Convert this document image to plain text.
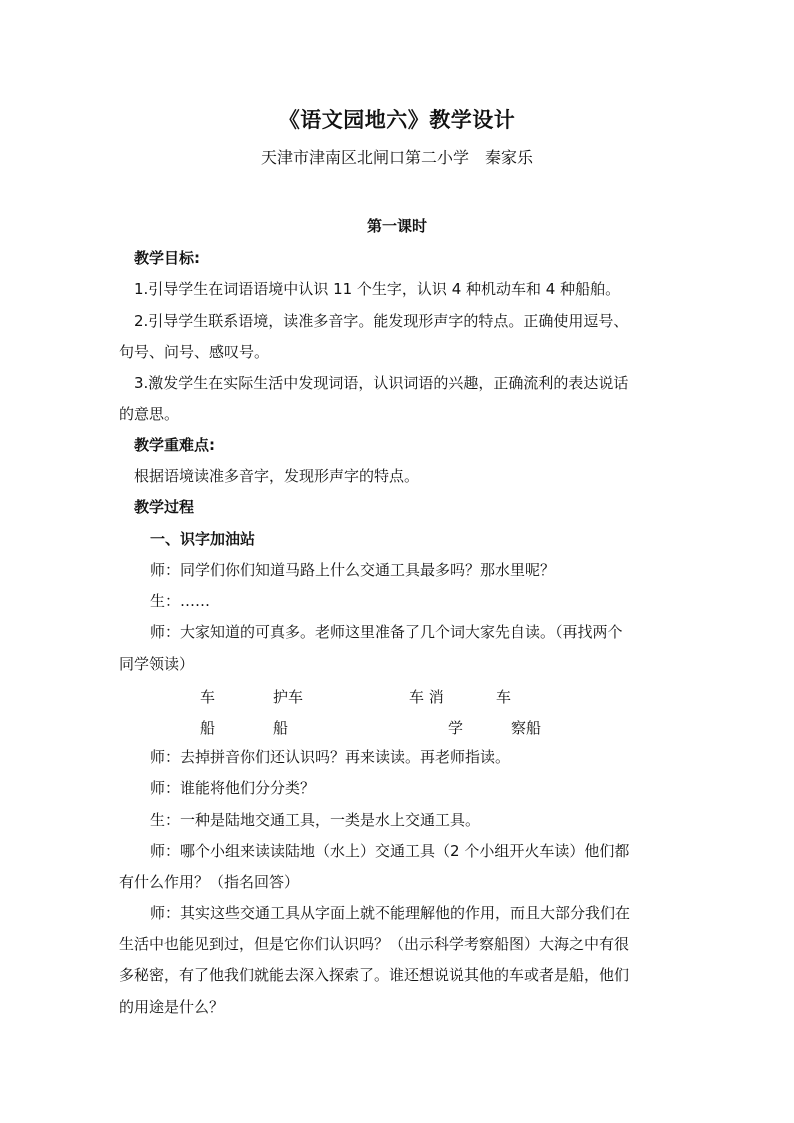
《语文园地六》教学设计
天津市津南区北闸口第二小学　秦家乐
第一课时
教学目标:
1.引导学生在词语语境中认识 11 个生字，认识 4 种机动车和 4 种船舶。
2.引导学生联系语境，读准多音字。能发现形声字的特点。正确使用逗号、
句号、问号、感叹号。
3.激发学生在实际生活中发现词语，认识词语的兴趣，正确流利的表达说话
的意思。
教学重难点:
根据语境读准多音字，发现形声字的特点。
教学过程
一、识字加油站
师：同学们你们知道马路上什么交通工具最多吗？那水里呢？
生：……
师：大家知道的可真多。老师这里准备了几个词大家先自读。（再找两个
同学领读）
车	护车	车 消	车
船	船	学	察船
师：去掉拼音你们还认识吗？再来读读。再老师指读。
师：谁能将他们分分类？
生：一种是陆地交通工具，一类是水上交通工具。
师：哪个小组来读读陆地（水上）交通工具（2 个小组开火车读）他们都
有什么作用？（指名回答）
师：其实这些交通工具从字面上就不能理解他的作用，而且大部分我们在
生活中也能见到过，但是它你们认识吗？（出示科学考察船图）大海之中有很
多秘密，有了他我们就能去深入探索了。谁还想说说其他的车或者是船，他们
的用途是什么？
